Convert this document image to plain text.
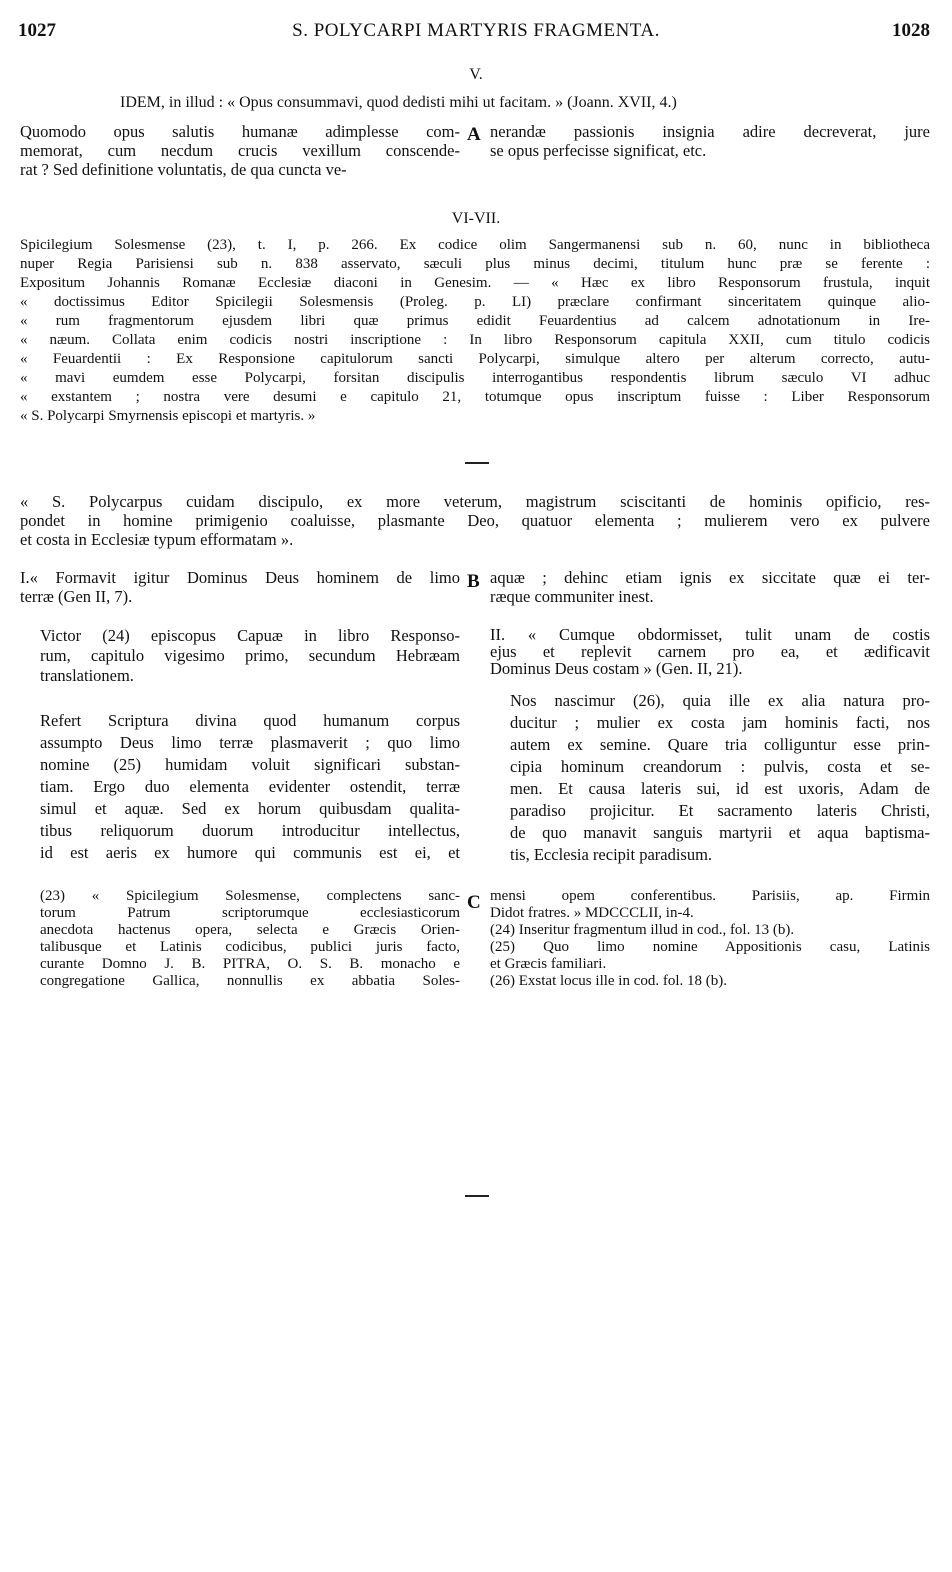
1027	S. POLYCARPI MARTYRIS FRAGMENTA.	1028
V.
IDEM, in illud : « Opus consummavi, quod dedisti mihi ut facitam. » (Joann. XVII, 4.)
Quomodo opus salutis humanæ adimplesse com-
memorat, cum necdum crucis vexillum conscende-
rat ? Sed definitione voluntatis, de qua cuncta ve-
A nerandæ passionis insignia adire decreverat, jure
se opus perfecisse significat, etc.
VI-VII.
Spicilegium Solesmense (23), t. I, p. 266. Ex codice olim Sangermanensi sub n. 60, nunc in bibliotheca
nuper Regia Parisiensi sub n. 838 asservato, sæculi plus minus decimi, titulum hunc præ se ferente :
Expositum Johannis Romanæ Ecclesiæ diaconi in Genesim. — « Hæc ex libro Responsorum frustula, inquit
« doctissimus Editor Spicilegii Solesmensis (Proleg. p. LI) præclare confirmant sinceritatem quinque alio-
« rum fragmentorum ejusdem libri quæ primus edidit Feuardentius ad calcem adnotationum in Ire-
« næum. Collata enim codicis nostri inscriptione : In libro Responsorum capitula XXII, cum titulo codicis
« Feuardentii : Ex Responsione capitulorum sancti Polycarpi, simulque altero per alterum correcto, autu-
« mavi eumdem esse Polycarpi, forsitan discipulis interrogantibus respondentis librum sæculo VI adhuc
« exstantem ; nostra vere desumi e capitulo 21, totumque opus inscriptum fuisse : Liber Responsorum
« S. Polycarpi Smyrnensis episcopi et martyris. »
« S. Polycarpus cuidam discipulo, ex more veterum, magistrum sciscitanti de hominis opificio, res-
pondet in homine primigenio coaluisse, plasmante Deo, quatuor elementa ; mulierem vero ex pulvere
et costa in Ecclesiæ typum efformatam ».
I.« Formavit igitur Dominus Deus hominem de limo
terræ (Gen II, 7).
B aquæ ; dehinc etiam ignis ex siccitate quæ ei ter-
ræque communiter inest.
Victor (24) episcopus Capuæ in libro Responso-
rum, capitulo vigesimo primo, secundum Hebræam
translationem.
II. « Cumque obdormisset, tulit unam de costis
ejus et replevit carnem pro ea, et ædificavit
Dominus Deus costam » (Gen. II, 21).
Refert Scriptura divina quod humanum corpus
assumpto Deus limo terræ plasmaverit ; quo limo
nomine (25) humidam voluit significari substan-
tiam. Ergo duo elementa evidenter ostendit, terræ
simul et aquæ. Sed ex horum quibusdam qualita-
tibus reliquorum duorum introducitur intellectus,
id est aeris ex humore qui communis est ei, et
Nos nascimur (26), quia ille ex alia natura pro-
ducitur ; mulier ex costa jam hominis facti, nos
autem ex semine. Quare tria colliguntur esse prin-
cipia hominum creandorum : pulvis, costa et se-
men. Et causa lateris sui, id est uxoris, Adam de
paradiso projicitur. Et sacramento lateris Christi,
de quo manavit sanguis martyrii et aqua baptisma-
tis, Ecclesia recipit paradisum.
(23) « Spicilegium Solesmense, complectens sanc-
torum Patrum scriptorumque ecclesiasticorum
anecdota hactenus opera, selecta e Græcis Orien-
talibusque et Latinis codicibus, publici juris facto,
curante Domno J. B. PITRA, O. S. B. monacho e
congregatione Gallica, nonnullis ex abbatia Soles-
C mensi opem conferentibus. Parisiis, ap. Firmin
Didot fratres. » MDCCCLII, in-4.
(24) Inseritur fragmentum illud in cod., fol. 13 (b).
(25) Quo limo nomine Appositionis casu, Latinis
et Græcis familiari.
(26) Exstat locus ille in cod. fol. 18 (b).
